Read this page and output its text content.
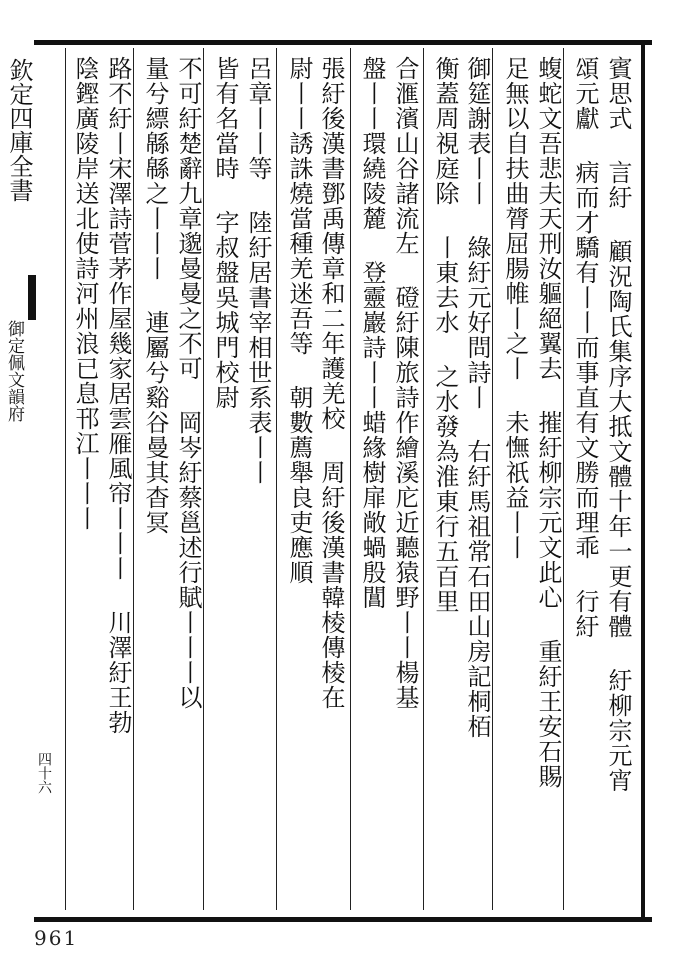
欽定四庫全書

御定佩文韻府

四十六	賓思式 言紆 顧況陶氏集序大抵文體十年一更有體 紆柳宗元宵

頌元獻 病而才驕有丨丨而事直有文勝而理乖 行紆

蝮蛇文吾悲夫天刑汝軀絕翼去 摧紆柳宗元文此心 重紆王安石賜

足無以自扶曲膂屈腸帷丨之丨 未憮祇益丨丨

御筵謝表丨丨 綠紆元好問詩丨 右紆馬祖常石田山房記桐栢

衡蓋周視庭除 丨東去水 之水發為淮東行五百里

合滙濱山谷諸流左 磴紆陳旅詩作繪溪庀近聽猿野丨丨楊基

盤丨丨環繞陵麓 登靈巖詩丨丨蜡緣樹扉敞蝸殷閶

張紆後漢書鄧禹傳章和二年護羌校 周紆後漢書韓棱傳棱在

尉丨丨誘誅燒當種羌迷吾等 朝數薦舉良吏應順

呂章丨丨等 陸紆居書宰相世系表丨丨

皆有名當時 字叔盤吳城門校尉

不可紆楚辭九章邈曼曼之不可 岡岑紆蔡邕述行賦丨丨丨以

量兮縹緜緜之丨丨丨 連屬兮谿谷曼其杳冥

路不紆丨宋澤詩菅茅作屋幾家居雲雁風帘丨丨丨 川澤紆王勃

陰鏗廣陵岸送北使詩河州浪已息邗江丨丨丨

961
